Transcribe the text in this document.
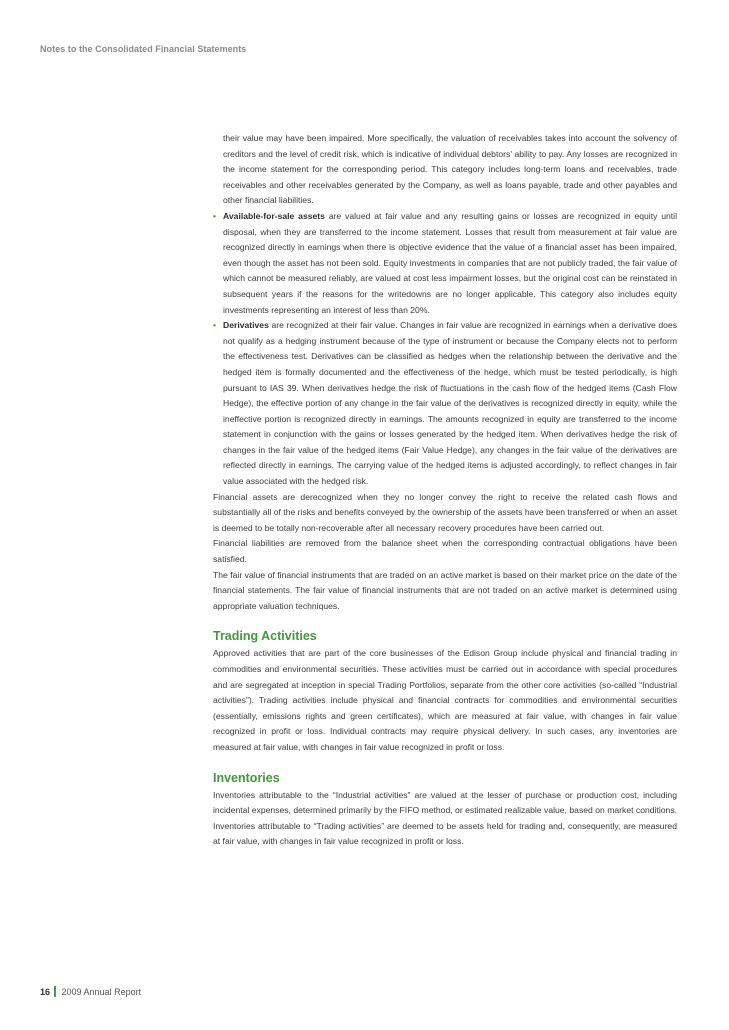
Notes to the Consolidated Financial Statements

their value may have been impaired. More specifically, the valuation of receivables takes into account the solvency of creditors and the level of credit risk, which is indicative of individual debtors’ ability to pay. Any losses are recognized in the income statement for the corresponding period. This category includes long-term loans and receivables, trade receivables and other receivables generated by the Company, as well as loans payable, trade and other payables and other financial liabilities.

• Available-for-sale assets are valued at fair value and any resulting gains or losses are recognized in equity until disposal, when they are transferred to the income statement. Losses that result from measurement at fair value are recognized directly in earnings when there is objective evidence that the value of a financial asset has been impaired, even though the asset has not been sold. Equity investments in companies that are not publicly traded, the fair value of which cannot be measured reliably, are valued at cost less impairment losses, but the original cost can be reinstated in subsequent years if the reasons for the writedowns are no longer applicable. This category also includes equity investments representing an interest of less than 20%.

• Derivatives are recognized at their fair value. Changes in fair value are recognized in earnings when a derivative does not qualify as a hedging instrument because of the type of instrument or because the Company elects not to perform the effectiveness test. Derivatives can be classified as hedges when the relationship between the derivative and the hedged item is formally documented and the effectiveness of the hedge, which must be tested periodically, is high pursuant to IAS 39. When derivatives hedge the risk of fluctuations in the cash flow of the hedged items (Cash Flow Hedge), the effective portion of any change in the fair value of the derivatives is recognized directly in equity, while the ineffective portion is recognized directly in earnings. The amounts recognized in equity are transferred to the income statement in conjunction with the gains or losses generated by the hedged item. When derivatives hedge the risk of changes in the fair value of the hedged items (Fair Value Hedge), any changes in the fair value of the derivatives are reflected directly in earnings. The carrying value of the hedged items is adjusted accordingly, to reflect changes in fair value associated with the hedged risk.

Financial assets are derecognized when they no longer convey the right to receive the related cash flows and substantially all of the risks and benefits conveyed by the ownership of the assets have been transferred or when an asset is deemed to be totally non-recoverable after all necessary recovery procedures have been carried out.

Financial liabilities are removed from the balance sheet when the corresponding contractual obligations have been satisfied.

The fair value of financial instruments that are traded on an active market is based on their market price on the date of the financial statements. The fair value of financial instruments that are not traded on an active market is determined using appropriate valuation techniques.

Trading Activities

Approved activities that are part of the core businesses of the Edison Group include physical and financial trading in commodities and environmental securities. These activities must be carried out in accordance with special procedures and are segregated at inception in special Trading Portfolios, separate from the other core activities (so-called “Industrial activities”). Trading activities include physical and financial contracts for commodities and environmental securities (essentially, emissions rights and green certificates), which are measured at fair value, with changes in fair value recognized in profit or loss. Individual contracts may require physical delivery. In such cases, any inventories are measured at fair value, with changes in fair value recognized in profit or loss.

Inventories

Inventories attributable to the “Industrial activities” are valued at the lesser of purchase or production cost, including incidental expenses, determined primarily by the FIFO method, or estimated realizable value, based on market conditions. Inventories attributable to “Trading activities” are deemed to be assets held for trading and, consequently, are measured at fair value, with changes in fair value recognized in profit or loss.

16 2009 Annual Report
